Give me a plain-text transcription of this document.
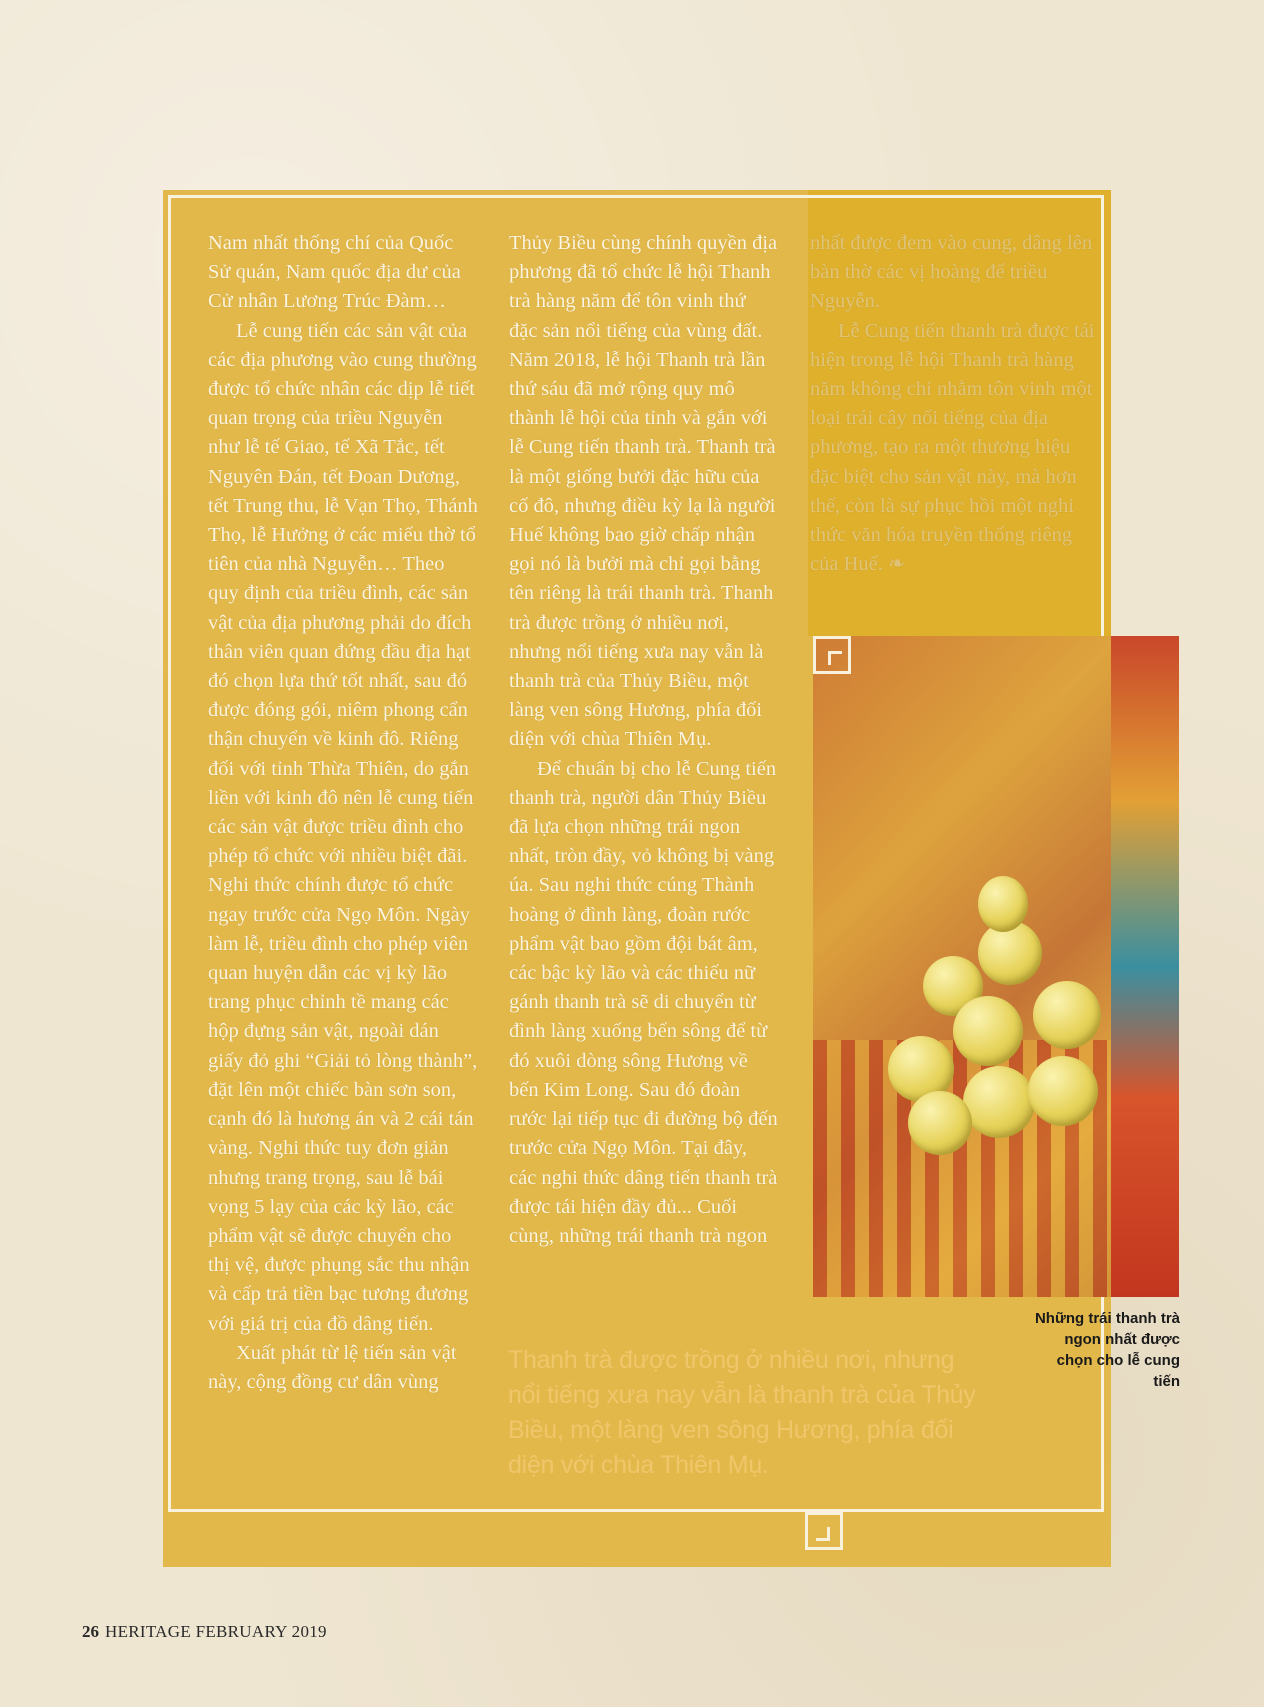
Nam nhất thống chí của Quốc Sử quán, Nam quốc địa dư của Cử nhân Lương Trúc Đàm…

Lễ cung tiến các sản vật của các địa phương vào cung thường được tổ chức nhân các dịp lễ tiết quan trọng của triều Nguyễn như lễ tế Giao, tế Xã Tắc, tết Nguyên Đán, tết Đoan Dương, tết Trung thu, lễ Vạn Thọ, Thánh Thọ, lễ Hưởng ở các miếu thờ tổ tiên của nhà Nguyễn… Theo quy định của triều đình, các sản vật của địa phương phải do đích thân viên quan đứng đầu địa hạt đó chọn lựa thứ tốt nhất, sau đó được đóng gói, niêm phong cẩn thận chuyển về kinh đô. Riêng đối với tỉnh Thừa Thiên, do gắn liền với kinh đô nên lễ cung tiến các sản vật được triều đình cho phép tổ chức với nhiều biệt đãi. Nghi thức chính được tổ chức ngay trước cửa Ngọ Môn. Ngày làm lễ, triều đình cho phép viên quan huyện dẫn các vị kỳ lão trang phục chỉnh tề mang các hộp đựng sản vật, ngoài dán giấy đỏ ghi “Giải tỏ lòng thành”, đặt lên một chiếc bàn sơn son, cạnh đó là hương án và 2 cái tán vàng. Nghi thức tuy đơn giản nhưng trang trọng, sau lễ bái vọng 5 lạy của các kỳ lão, các phẩm vật sẽ được chuyển cho thị vệ, được phụng sắc thu nhận và cấp trả tiền bạc tương đương với giá trị của đồ dâng tiến.

Xuất phát từ lệ tiến sản vật này, cộng đồng cư dân vùng

Thủy Biều cùng chính quyền địa phương đã tổ chức lễ hội Thanh trà hàng năm để tôn vinh thứ đặc sản nổi tiếng của vùng đất. Năm 2018, lễ hội Thanh trà lần thứ sáu đã mở rộng quy mô thành lễ hội của tỉnh và gắn với lễ Cung tiến thanh trà. Thanh trà là một giống bưởi đặc hữu của cố đô, nhưng điều kỳ lạ là người Huế không bao giờ chấp nhận gọi nó là bưởi mà chỉ gọi bằng tên riêng là trái thanh trà. Thanh trà được trồng ở nhiều nơi, nhưng nổi tiếng xưa nay vẫn là thanh trà của Thủy Biều, một làng ven sông Hương, phía đối diện với chùa Thiên Mụ.

Để chuẩn bị cho lễ Cung tiến thanh trà, người dân Thủy Biều đã lựa chọn những trái ngon nhất, tròn đầy, vỏ không bị vàng úa. Sau nghi thức cúng Thành hoàng ở đình làng, đoàn rước phẩm vật bao gồm đội bát âm, các bậc kỳ lão và các thiếu nữ gánh thanh trà sẽ di chuyển từ đình làng xuống bến sông để từ đó xuôi dòng sông Hương về bến Kim Long. Sau đó đoàn rước lại tiếp tục đi đường bộ đến trước cửa Ngọ Môn. Tại đây, các nghi thức dâng tiến thanh trà được tái hiện đầy đủ... Cuối cùng, những trái thanh trà ngon

nhất được đem vào cung, dâng lên bàn thờ các vị hoàng đế triều Nguyễn.

Lễ Cung tiến thanh trà được tái hiện trong lễ hội Thanh trà hàng năm không chỉ nhằm tôn vinh một loại trái cây nổi tiếng của địa phương, tạo ra một thương hiệu đặc biệt cho sản vật này, mà hơn thế, còn là sự phục hồi một nghi thức văn hóa truyền thống riêng của Huế. ❧

Thanh trà được trồng ở nhiều nơi, nhưng nổi tiếng xưa nay vẫn là thanh trà của Thủy Biều, một làng ven sông Hương, phía đối diện với chùa Thiên Mụ.
Những trái thanh trà ngon nhất được chọn cho lễ cung tiến
26 HERITAGE FEBRUARY 2019
